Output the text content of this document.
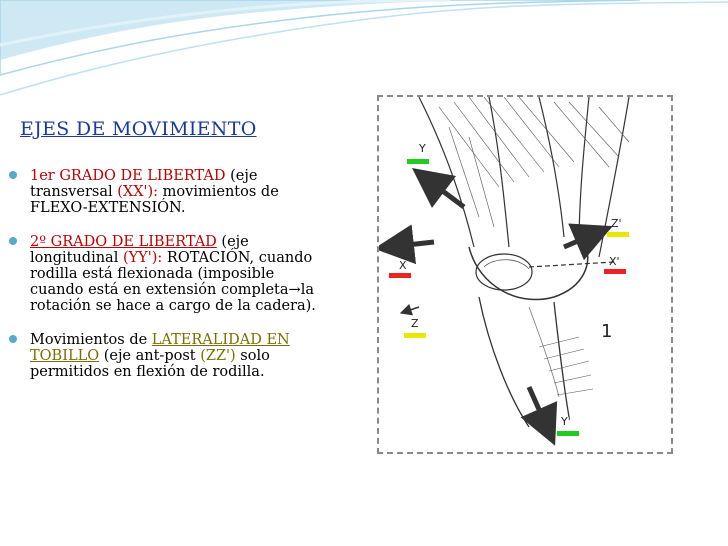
EJES DE MOVIMIENTO
1er GRADO DE LIBERTAD (eje transversal (XX'): movimientos de FLEXO-EXTENSIÓN.
2º GRADO DE LIBERTAD (eje longitudinal (YY'): ROTACIÓN, cuando rodilla está flexionada (imposible cuando está en extensión completa→la rotación se hace a cargo de la cadera).
Movimientos de LATERALIDAD EN TOBILLO (eje ant-post (ZZ') solo permitidos en flexión de rodilla.
Y
X	X'
Z'
Z
Y'
1
